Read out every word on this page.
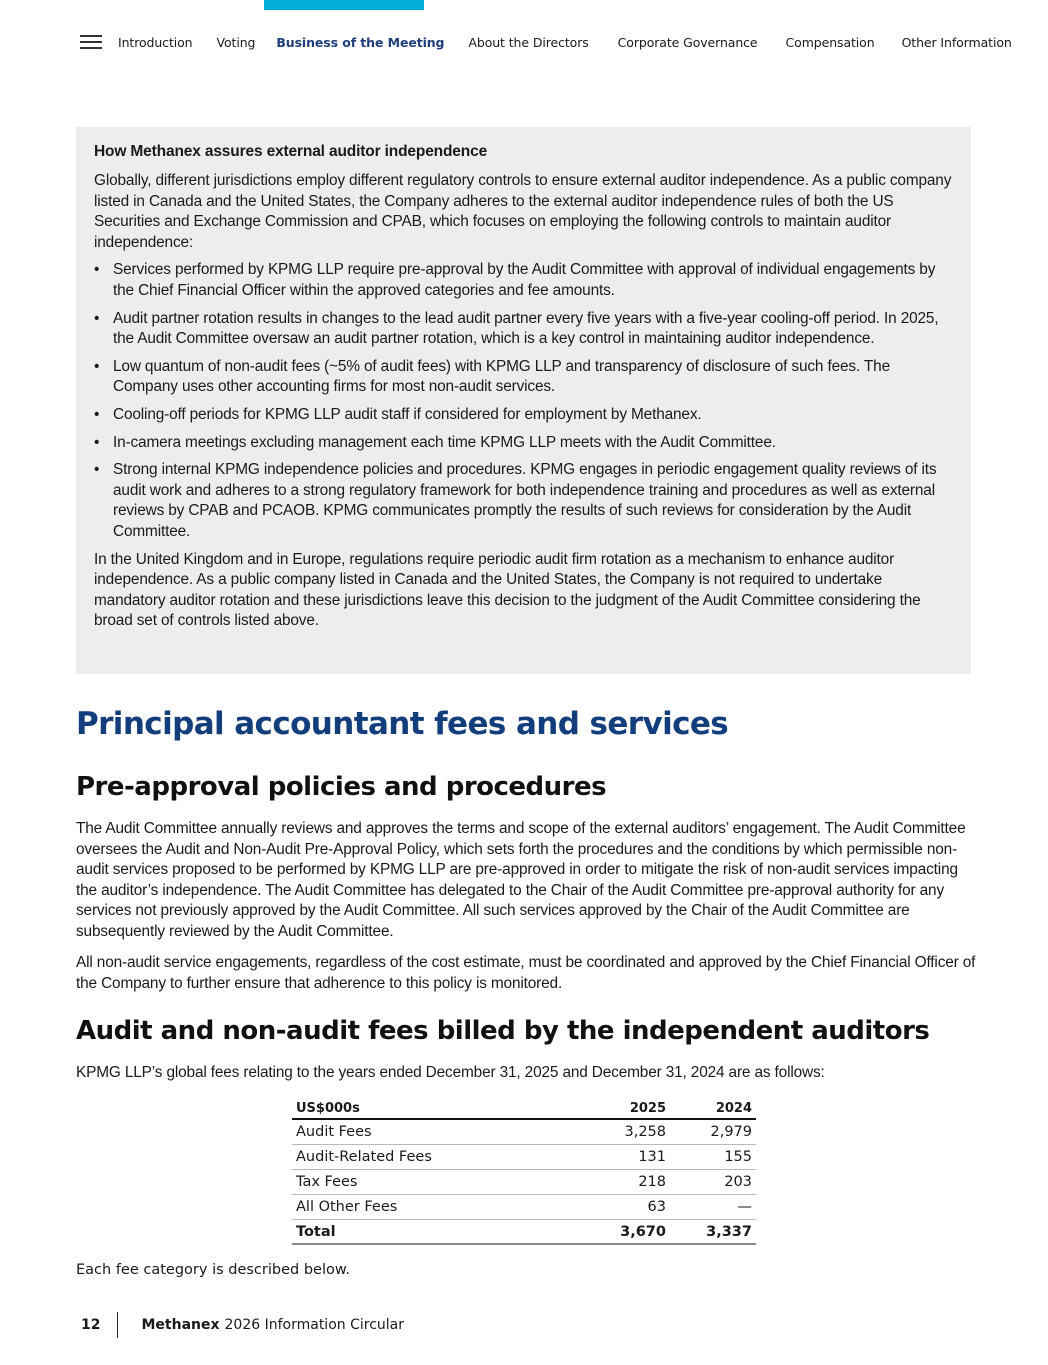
Introduction Voting Business of the Meeting About the Directors Corporate Governance Compensation Other Information
How Methanex assures external auditor independence

Globally, different jurisdictions employ different regulatory controls to ensure external auditor independence. As a public company listed in Canada and the United States, the Company adheres to the external auditor independence rules of both the US Securities and Exchange Commission and CPAB, which focuses on employing the following controls to maintain auditor independence:

• Services performed by KPMG LLP require pre-approval by the Audit Committee with approval of individual engagements by the Chief Financial Officer within the approved categories and fee amounts.
• Audit partner rotation results in changes to the lead audit partner every five years with a five-year cooling-off period. In 2025, the Audit Committee oversaw an audit partner rotation, which is a key control in maintaining auditor independence.
• Low quantum of non-audit fees (~5% of audit fees) with KPMG LLP and transparency of disclosure of such fees. The Company uses other accounting firms for most non-audit services.
• Cooling-off periods for KPMG LLP audit staff if considered for employment by Methanex.
• In-camera meetings excluding management each time KPMG LLP meets with the Audit Committee.
• Strong internal KPMG independence policies and procedures. KPMG engages in periodic engagement quality reviews of its audit work and adheres to a strong regulatory framework for both independence training and procedures as well as external reviews by CPAB and PCAOB. KPMG communicates promptly the results of such reviews for consideration by the Audit Committee.

In the United Kingdom and in Europe, regulations require periodic audit firm rotation as a mechanism to enhance auditor independence. As a public company listed in Canada and the United States, the Company is not required to undertake mandatory auditor rotation and these jurisdictions leave this decision to the judgment of the Audit Committee considering the broad set of controls listed above.

Principal accountant fees and services
Pre-approval policies and procedures

The Audit Committee annually reviews and approves the terms and scope of the external auditors’ engagement. The Audit Committee oversees the Audit and Non-Audit Pre-Approval Policy, which sets forth the procedures and the conditions by which permissible non-audit services proposed to be performed by KPMG LLP are pre-approved in order to mitigate the risk of non-audit services impacting the auditor’s independence. The Audit Committee has delegated to the Chair of the Audit Committee pre-approval authority for any services not previously approved by the Audit Committee. All such services approved by the Chair of the Audit Committee are subsequently reviewed by the Audit Committee.

All non-audit service engagements, regardless of the cost estimate, must be coordinated and approved by the Chief Financial Officer of the Company to further ensure that adherence to this policy is monitored.

Audit and non-audit fees billed by the independent auditors

KPMG LLP’s global fees relating to the years ended December 31, 2025 and December 31, 2024 are as follows:

US$000s	2025	2024
Audit Fees	3,258	2,979
Audit-Related Fees	131	155
Tax Fees	218	203
All Other Fees	63	—
Total	3,670	3,337

Each fee category is described below.

12	Methanex 2026 Information Circular
